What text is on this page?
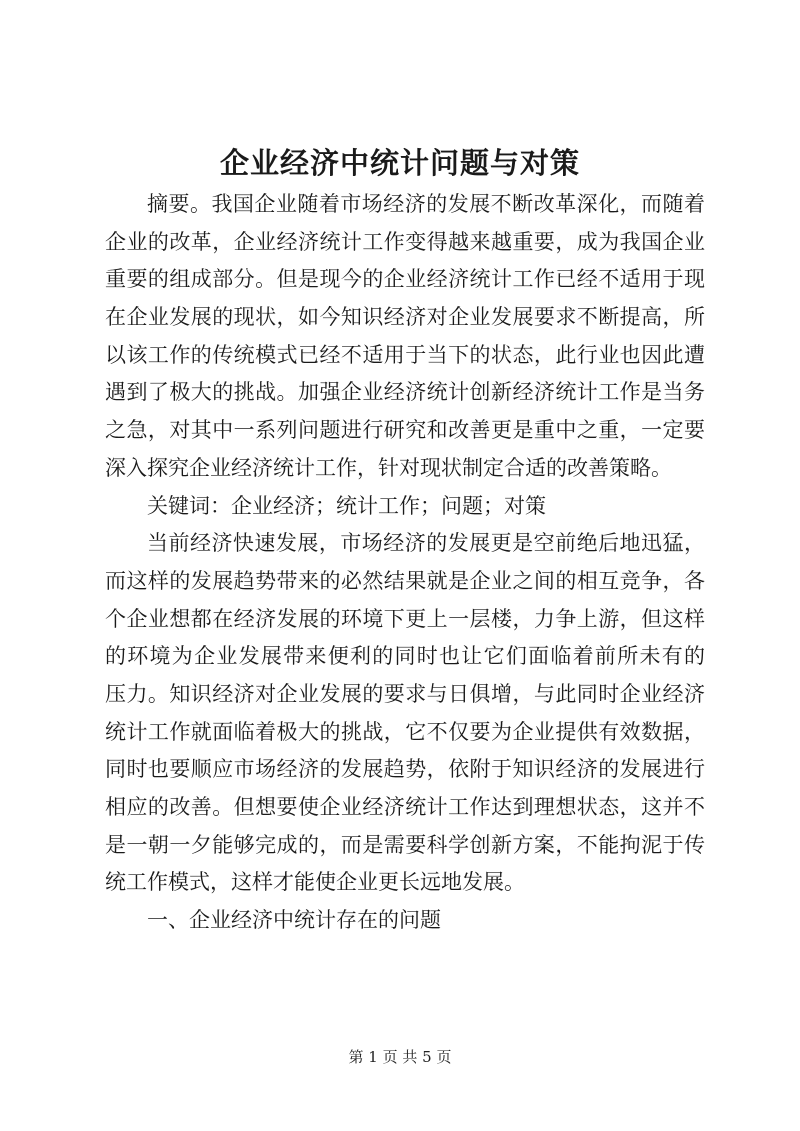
企业经济中统计问题与对策
摘要。我国企业随着市场经济的发展不断改革深化，而随着
企业的改革，企业经济统计工作变得越来越重要，成为我国企业
重要的组成部分。但是现今的企业经济统计工作已经不适用于现
在企业发展的现状，如今知识经济对企业发展要求不断提高，所
以该工作的传统模式已经不适用于当下的状态，此行业也因此遭
遇到了极大的挑战。加强企业经济统计创新经济统计工作是当务
之急，对其中一系列问题进行研究和改善更是重中之重，一定要
深入探究企业经济统计工作，针对现状制定合适的改善策略。
关键词：企业经济；统计工作；问题；对策
当前经济快速发展，市场经济的发展更是空前绝后地迅猛，
而这样的发展趋势带来的必然结果就是企业之间的相互竞争，各
个企业想都在经济发展的环境下更上一层楼，力争上游，但这样
的环境为企业发展带来便利的同时也让它们面临着前所未有的
压力。知识经济对企业发展的要求与日俱增，与此同时企业经济
统计工作就面临着极大的挑战，它不仅要为企业提供有效数据，
同时也要顺应市场经济的发展趋势，依附于知识经济的发展进行
相应的改善。但想要使企业经济统计工作达到理想状态，这并不
是一朝一夕能够完成的，而是需要科学创新方案，不能拘泥于传
统工作模式，这样才能使企业更长远地发展。
一、企业经济中统计存在的问题
第 1 页 共 5 页
